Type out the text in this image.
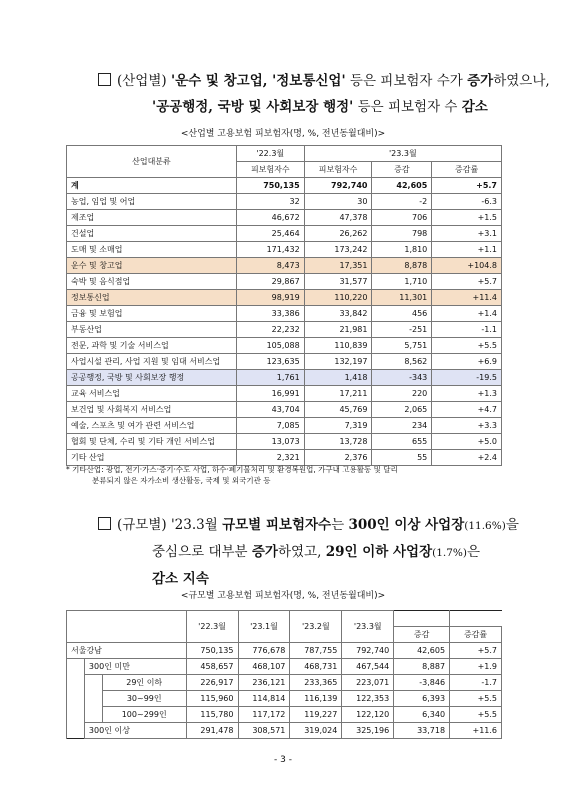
(산업별) '운수 및 창고업, '정보통신업' 등은 피보험자 수가 증가하였으나,
'공공행정, 국방 및 사회보장 행정' 등은 피보험자 수 감소
<산업별 고용보험 피보험자(명, %, 전년동월대비)>
산업대분류	'22.3월	'23.3월		
	피보험자수	피보험자수	증감	증감률
계	750,135	792,740	42,605	+5.7
농업, 임업 및 어업	32	30	-2	-6.3
제조업	46,672	47,378	706	+1.5
건설업	25,464	26,262	798	+3.1
도매 및 소매업	171,432	173,242	1,810	+1.1
운수 및 창고업	8,473	17,351	8,878	+104.8
숙박 및 음식점업	29,867	31,577	1,710	+5.7
정보통신업	98,919	110,220	11,301	+11.4
금융 및 보험업	33,386	33,842	456	+1.4
부동산업	22,232	21,981	-251	-1.1
전문, 과학 및 기술 서비스업	105,088	110,839	5,751	+5.5
사업시설 관리, 사업 지원 및 임대 서비스업	123,635	132,197	8,562	+6.9
공공행정, 국방 및 사회보장 행정	1,761	1,418	-343	-19.5
교육 서비스업	16,991	17,211	220	+1.3
보건업 및 사회복지 서비스업	43,704	45,769	2,065	+4.7
예술, 스포츠 및 여가 관련 서비스업	7,085	7,319	234	+3.3
협회 및 단체, 수리 및 기타 개인 서비스업	13,073	13,728	655	+5.0
기타 산업	2,321	2,376	55	+2.4
* 기타산업: 광업, 전기·가스·증기·수도 사업, 하수·폐기물처리 및 환경복원업, 가구내 고용활동 및 달리
분류되지 않은 자가소비 생산활동, 국제 및 외국기관 등
(규모별) '23.3월 규모별 피보험자수는 300인 이상 사업장(11.6%)을
중심으로 대부분 증가하였고, 29인 이하 사업장(1.7%)은
감소 지속
<규모별 고용보험 피보험자(명, %, 전년동월대비)>
			'22.3월	'23.1월	'23.2월	'23.3월		
							증감	증감률
서울강남			750,135	776,678	787,755	792,740	42,605	+5.7
	300인 미만		458,657	468,107	468,731	467,544	8,887	+1.9
		29인 이하	226,917	236,121	233,365	223,071	-3,846	-1.7
		30~99인	115,960	114,814	116,139	122,353	6,393	+5.5
		100~299인	115,780	117,172	119,227	122,120	6,340	+5.5
	300인 이상		291,478	308,571	319,024	325,196	33,718	+11.6
- 3 -
